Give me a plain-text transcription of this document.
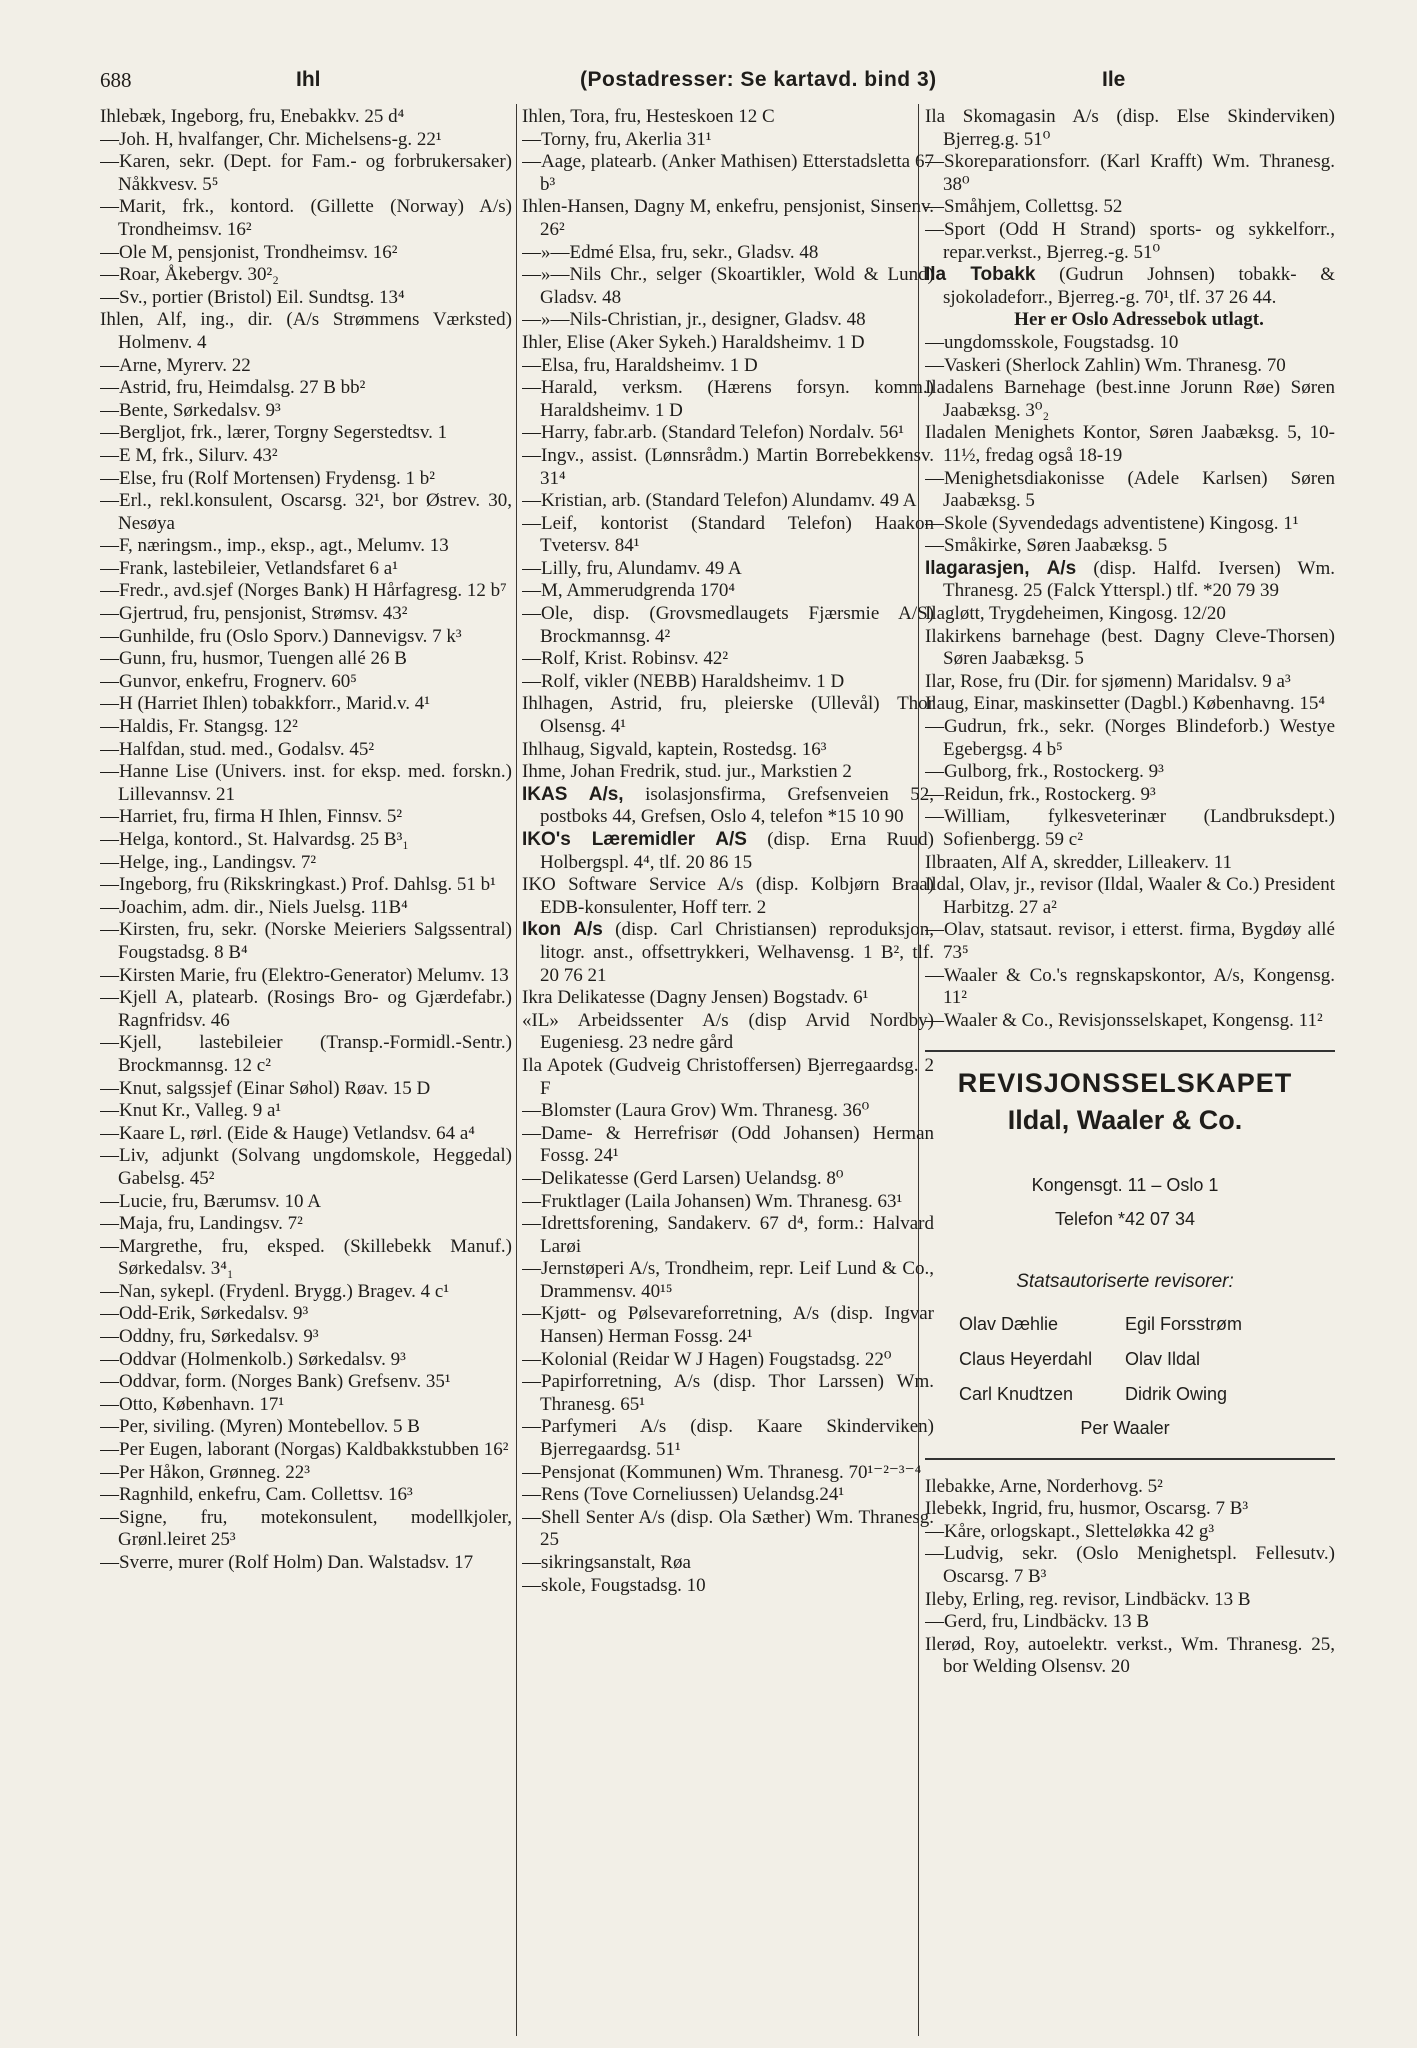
688	Ihl	(Postadresser: Se kartavd. bind 3)	Ile
Ihlebæk, Ingeborg, fru, Enebakkv. 25 d⁴
—Joh. H, hvalfanger, Chr. Michelsens-g. 22¹
—Karen, sekr. (Dept. for Fam.- og forbrukersaker) Nåkkvesv. 5⁵
—Marit, frk., kontord. (Gillette (Norway) A/s) Trondheimsv. 16²
—Ole M, pensjonist, Trondheimsv. 16²
—Roar, Åkebergv. 30²₂
—Sv., portier (Bristol) Eil. Sundtsg. 13⁴
Ihlen, Alf, ing., dir. (A/s Strømmens Værksted) Holmenv. 4
—Arne, Myrerv. 22
—Astrid, fru, Heimdalsg. 27 B bb²
—Bente, Sørkedalsv. 9³
—Bergljot, frk., lærer, Torgny Segerstedtsv. 1
—E M, frk., Silurv. 43²
—Else, fru (Rolf Mortensen) Frydensg. 1 b²
—Erl., rekl.konsulent, Oscarsg. 32¹, bor Østrev. 30, Nesøya
—F, næringsm., imp., eksp., agt., Melumv. 13
—Frank, lastebileier, Vetlandsfaret 6 a¹
—Fredr., avd.sjef (Norges Bank) H Hårfagresg. 12 b⁷
—Gjertrud, fru, pensjonist, Strømsv. 43²
—Gunhilde, fru (Oslo Sporv.) Dannevigsv. 7 k³
—Gunn, fru, husmor, Tuengen allé 26 B
—Gunvor, enkefru, Frognerv. 60⁵
—H (Harriet Ihlen) tobakkforr., Marid.v. 4¹
—Haldis, Fr. Stangsg. 12²
—Halfdan, stud. med., Godalsv. 45²
—Hanne Lise (Univers. inst. for eksp. med. forskn.) Lillevannsv. 21
—Harriet, fru, firma H Ihlen, Finnsv. 5²
—Helga, kontord., St. Halvardsg. 25 B³₁
—Helge, ing., Landingsv. 7²
—Ingeborg, fru (Rikskringkast.) Prof. Dahlsg. 51 b¹
—Joachim, adm. dir., Niels Juelsg. 11B⁴
—Kirsten, fru, sekr. (Norske Meieriers Salgssentral) Fougstadsg. 8 B⁴
—Kirsten Marie, fru (Elektro-Generator) Melumv. 13
—Kjell A, platearb. (Rosings Bro- og Gjærdefabr.) Ragnfridsv. 46
—Kjell, lastebileier (Transp.-Formidl.-Sentr.) Brockmannsg. 12 c²
—Knut, salgssjef (Einar Søhol) Røav. 15 D
—Knut Kr., Valleg. 9 a¹
—Kaare L, rørl. (Eide & Hauge) Vetlandsv. 64 a⁴
—Liv, adjunkt (Solvang ungdomskole, Heggedal) Gabelsg. 45²
—Lucie, fru, Bærumsv. 10 A
—Maja, fru, Landingsv. 7²
—Margrethe, fru, eksped. (Skillebekk Manuf.) Sørkedalsv. 3⁴₁
—Nan, sykepl. (Frydenl. Brygg.) Bragev. 4 c¹
—Odd-Erik, Sørkedalsv. 9³
—Oddny, fru, Sørkedalsv. 9³
—Oddvar (Holmenkolb.) Sørkedalsv. 9³
—Oddvar, form. (Norges Bank) Grefsenv. 35¹
—Otto, København. 17¹
—Per, siviling. (Myren) Montebellov. 5 B
—Per Eugen, laborant (Norgas) Kaldbakkstubben 16²
—Per Håkon, Grønneg. 22³
—Ragnhild, enkefru, Cam. Collettsv. 16³
—Signe, fru, motekonsulent, modellkjoler, Grønl.leiret 25³
—Sverre, murer (Rolf Holm) Dan. Walstadsv. 17
Ihlen, Tora, fru, Hesteskoen 12 C
—Torny, fru, Akerlia 31¹
—Aage, platearb. (Anker Mathisen) Etterstadsletta 67 b³
Ihlen-Hansen, Dagny M, enkefru, pensjonist, Sinsenv. 26²
—»—Edmé Elsa, fru, sekr., Gladsv. 48
—»—Nils Chr., selger (Skoartikler, Wold & Lund) Gladsv. 48
—»—Nils-Christian, jr., designer, Gladsv. 48
Ihler, Elise (Aker Sykeh.) Haraldsheimv. 1 D
—Elsa, fru, Haraldsheimv. 1 D
—Harald, verksm. (Hærens forsyn. komm.) Haraldsheimv. 1 D
—Harry, fabr.arb. (Standard Telefon) Nordalv. 56¹
—Ingv., assist. (Lønnsrådm.) Martin Borrebekkensv. 31⁴
—Kristian, arb. (Standard Telefon) Alundamv. 49 A
—Leif, kontorist (Standard Telefon) Haakon Tvetersv. 84¹
—Lilly, fru, Alundamv. 49 A
—M, Ammerudgrenda 170⁴
—Ole, disp. (Grovsmedlaugets Fjærsmie A/S) Brockmannsg. 4²
—Rolf, Krist. Robinsv. 42²
—Rolf, vikler (NEBB) Haraldsheimv. 1 D
Ihlhagen, Astrid, fru, pleierske (Ullevål) Thor Olsensg. 4¹
Ihlhaug, Sigvald, kaptein, Rostedsg. 16³
Ihme, Johan Fredrik, stud. jur., Markstien 2
IKAS A/s, isolasjonsfirma, Grefsenveien 52, postboks 44, Grefsen, Oslo 4, telefon *15 10 90
IKO's Læremidler A/S (disp. Erna Ruud) Holbergspl. 4⁴, tlf. 20 86 15
IKO Software Service A/s (disp. Kolbjørn Braa) EDB-konsulenter, Hoff terr. 2
Ikon A/s (disp. Carl Christiansen) reproduksjon, litogr. anst., offsettrykkeri, Welhavensg. 1 B², tlf. 20 76 21
Ikra Delikatesse (Dagny Jensen) Bogstadv. 6¹
«IL» Arbeidssenter A/s (disp Arvid Nordby) Eugeniesg. 23 nedre gård
Ila Apotek (Gudveig Christoffersen) Bjerregaardsg. 2 F
—Blomster (Laura Grov) Wm. Thranesg. 36⁰
—Dame- & Herrefrisør (Odd Johansen) Herman Fossg. 24¹
—Delikatesse (Gerd Larsen) Uelandsg. 8⁰
—Fruktlager (Laila Johansen) Wm. Thranesg. 63¹
—Idrettsforening, Sandakerv. 67 d⁴, form.: Halvard Larøi
—Jernstøperi A/s, Trondheim, repr. Leif Lund & Co., Drammensv. 40¹⁵
—Kjøtt- og Pølsevareforretning, A/s (disp. Ingvar Hansen) Herman Fossg. 24¹
—Kolonial (Reidar W J Hagen) Fougstadsg. 22⁰
—Papirforretning, A/s (disp. Thor Larssen) Wm. Thranesg. 65¹
—Parfymeri A/s (disp. Kaare Skinderviken) Bjerregaardsg. 51¹
—Pensjonat (Kommunen) Wm. Thranesg. 70¹⁻²⁻³⁻⁴
—Rens (Tove Corneliussen) Uelandsg.24¹
—Shell Senter A/s (disp. Ola Sæther) Wm. Thranesg. 25
—sikringsanstalt, Røa
—skole, Fougstadsg. 10
Ila Skomagasin A/s (disp. Else Skinderviken) Bjerreg.g. 51⁰
—Skoreparationsforr. (Karl Krafft) Wm. Thranesg. 38⁰
—Småhjem, Collettsg. 52
—Sport (Odd H Strand) sports- og sykkelforr., repar.verkst., Bjerreg.-g. 51⁰
Ila Tobakk (Gudrun Johnsen) tobakk- & sjokoladeforr., Bjerreg.-g. 70¹, tlf. 37 26 44.
Her er Oslo Adressebok utlagt.
—ungdomsskole, Fougstadsg. 10
—Vaskeri (Sherlock Zahlin) Wm. Thranesg. 70
Iladalens Barnehage (best.inne Jorunn Røe) Søren Jaabæksg. 3⁰₂
Iladalen Menighets Kontor, Søren Jaabæksg. 5, 10-11½, fredag også 18-19
—Menighetsdiakonisse (Adele Karlsen) Søren Jaabæksg. 5
—Skole (Syvendedags adventistene) Kingosg. 1¹
—Småkirke, Søren Jaabæksg. 5
Ilagarasjen, A/s (disp. Halfd. Iversen) Wm. Thranesg. 25 (Falck Ytterspl.) tlf. *20 79 39
Ilagløtt, Trygdeheimen, Kingosg. 12/20
Ilakirkens barnehage (best. Dagny Cleve-Thorsen) Søren Jaabæksg. 5
Ilar, Rose, fru (Dir. for sjømenn) Maridalsv. 9 a³
Ilaug, Einar, maskinsetter (Dagbl.) Københavng. 15⁴
—Gudrun, frk., sekr. (Norges Blindeforb.) Westye Egebergsg. 4 b⁵
—Gulborg, frk., Rostockerg. 9³
—Reidun, frk., Rostockerg. 9³
—William, fylkesveterinær (Landbruksdept.) Sofienbergg. 59 c²
Ilbraaten, Alf A, skredder, Lilleakerv. 11
Ildal, Olav, jr., revisor (Ildal, Waaler & Co.) President Harbitzg. 27 a²
—Olav, statsaut. revisor, i etterst. firma, Bygdøy allé 73⁵
—Waaler & Co.'s regnskapskontor, A/s, Kongensg. 11²
—Waaler & Co., Revisjonsselskapet, Kongensg. 11²
REVISJONSSELSKAPET
Ildal, Waaler & Co.
Kongensgt. 11 – Oslo 1
Telefon *42 07 34
Statsautoriserte revisorer:
Olav Dæhlie	Egil Forsstrøm
Claus Heyerdahl	Olav Ildal
Carl Knudtzen	Didrik Owing
Per Waaler
Ilebakke, Arne, Norderhovg. 5²
Ilebekk, Ingrid, fru, husmor, Oscarsg. 7 B³
—Kåre, orlogskapt., Sletteløkka 42 g³
—Ludvig, sekr. (Oslo Menighetspl. Fellesutv.) Oscarsg. 7 B³
Ileby, Erling, reg. revisor, Lindbäckv. 13 B
—Gerd, fru, Lindbäckv. 13 B
Ilerød, Roy, autoelektr. verkst., Wm. Thranesg. 25, bor Welding Olsensv. 20
